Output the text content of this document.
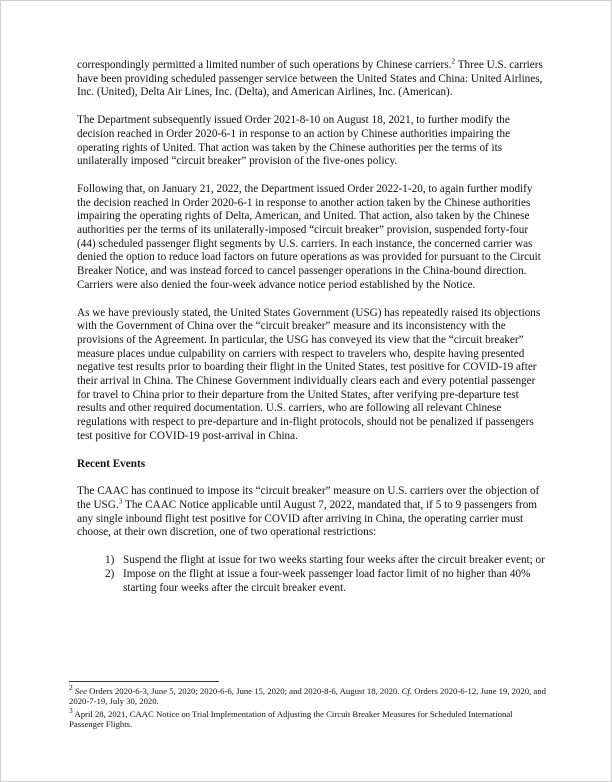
correspondingly permitted a limited number of such operations by Chinese carriers.$^2$ Three U.S. carriers have been providing scheduled passenger service between the United States and China: United Airlines, Inc. (United), Delta Air Lines, Inc. (Delta), and American Airlines, Inc. (American).

The Department subsequently issued Order 2021-8-10 on August 18, 2021, to further modify the decision reached in Order 2020-6-1 in response to an action by Chinese authorities impairing the operating rights of United. That action was taken by the Chinese authorities per the terms of its unilaterally imposed “circuit breaker” provision of the five-ones policy.

Following that, on January 21, 2022, the Department issued Order 2022-1-20, to again further modify the decision reached in Order 2020-6-1 in response to another action taken by the Chinese authorities impairing the operating rights of Delta, American, and United. That action, also taken by the Chinese authorities per the terms of its unilaterally-imposed “circuit breaker” provision, suspended forty-four (44) scheduled passenger flight segments by U.S. carriers. In each instance, the concerned carrier was denied the option to reduce load factors on future operations as was provided for pursuant to the Circuit Breaker Notice, and was instead forced to cancel passenger operations in the China-bound direction. Carriers were also denied the four-week advance notice period established by the Notice.

As we have previously stated, the United States Government (USG) has repeatedly raised its objections with the Government of China over the “circuit breaker” measure and its inconsistency with the provisions of the Agreement. In particular, the USG has conveyed its view that the “circuit breaker” measure places undue culpability on carriers with respect to travelers who, despite having presented negative test results prior to boarding their flight in the United States, test positive for COVID-19 after their arrival in China. The Chinese Government individually clears each and every potential passenger for travel to China prior to their departure from the United States, after verifying pre-departure test results and other required documentation. U.S. carriers, who are following all relevant Chinese regulations with respect to pre-departure and in-flight protocols, should not be penalized if passengers test positive for COVID-19 post-arrival in China.

Recent Events

The CAAC has continued to impose its “circuit breaker” measure on U.S. carriers over the objection of the USG.$^3$ The CAAC Notice applicable until August 7, 2022, mandated that, if 5 to 9 passengers from any single inbound flight test positive for COVID after arriving in China, the operating carrier must choose, at their own discretion, one of two operational restrictions:

1) Suspend the flight at issue for two weeks starting four weeks after the circuit breaker event; or
2) Impose on the flight at issue a four-week passenger load factor limit of no higher than 40% starting four weeks after the circuit breaker event.

$^2$ See Orders 2020-6-3, June 5, 2020; 2020-6-6, June 15, 2020; and 2020-8-6, August 18, 2020. Cf. Orders 2020-6-12, June 19, 2020, and 2020-7-19, July 30, 2020.

$^3$ April 28, 2021, CAAC Notice on Trial Implementation of Adjusting the Circuit Breaker Measures for Scheduled International Passenger Flights.
